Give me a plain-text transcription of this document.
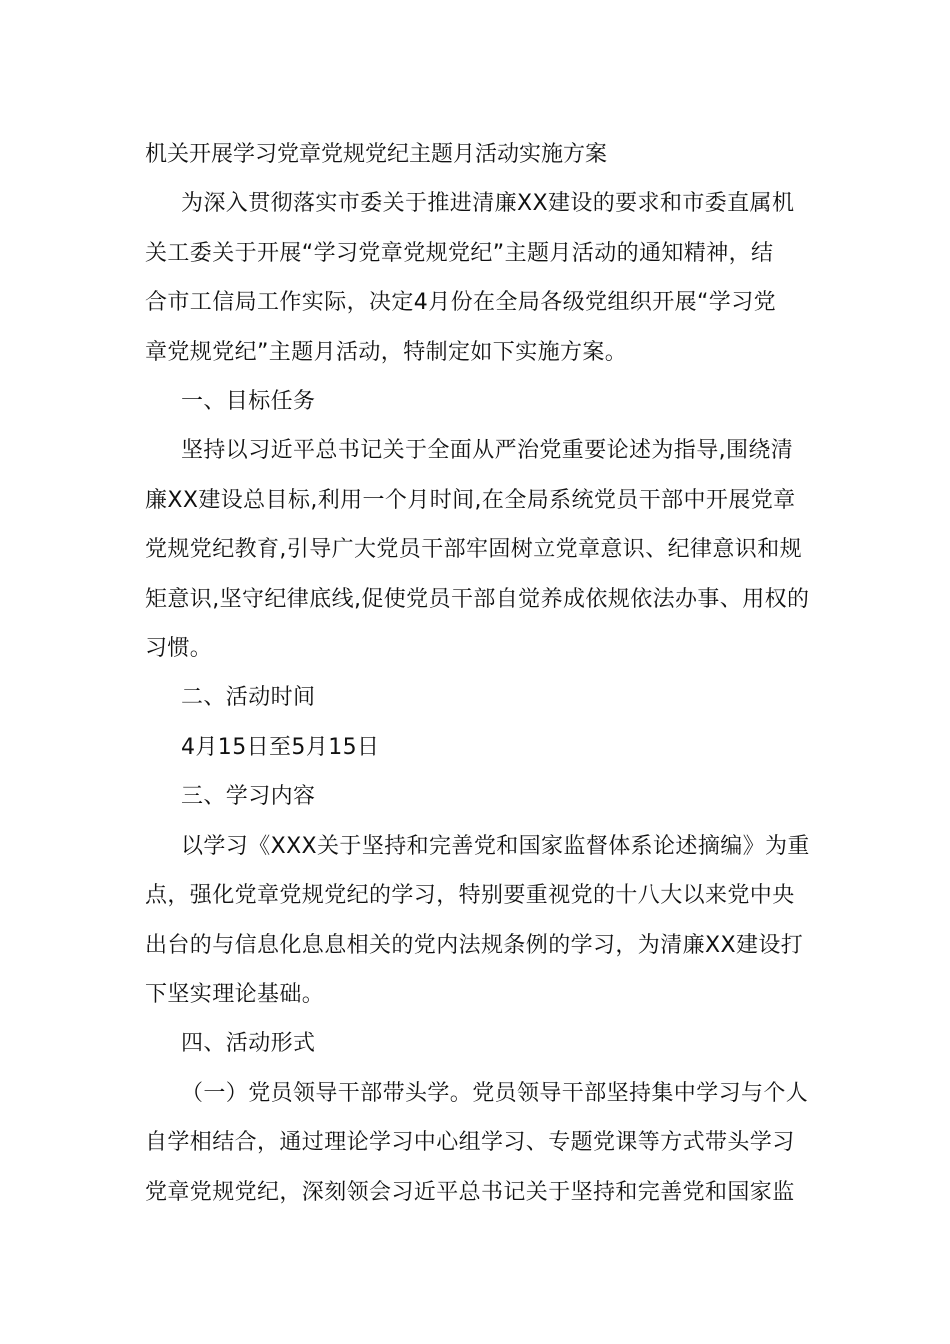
机关开展学习党章党规党纪主题月活动实施方案
为深入贯彻落实市委关于推进清廉XX建设的要求和市委直属机
关工委关于开展“学习党章党规党纪”主题月活动的通知精神，结
合市工信局工作实际，决定4月份在全局各级党组织开展“学习党
章党规党纪”主题月活动，特制定如下实施方案。
一、目标任务
坚持以习近平总书记关于全面从严治党重要论述为指导,围绕清
廉XX建设总目标,利用一个月时间,在全局系统党员干部中开展党章
党规党纪教育,引导广大党员干部牢固树立党章意识、纪律意识和规
矩意识,坚守纪律底线,促使党员干部自觉养成依规依法办事、用权的
习惯。
二、活动时间
4月15日至5月15日
三、学习内容
以学习《XXX关于坚持和完善党和国家监督体系论述摘编》为重
点，强化党章党规党纪的学习，特别要重视党的十八大以来党中央
出台的与信息化息息相关的党内法规条例的学习，为清廉XX建设打
下坚实理论基础。
四、活动形式
（一）党员领导干部带头学。党员领导干部坚持集中学习与个人
自学相结合，通过理论学习中心组学习、专题党课等方式带头学习
党章党规党纪，深刻领会习近平总书记关于坚持和完善党和国家监
